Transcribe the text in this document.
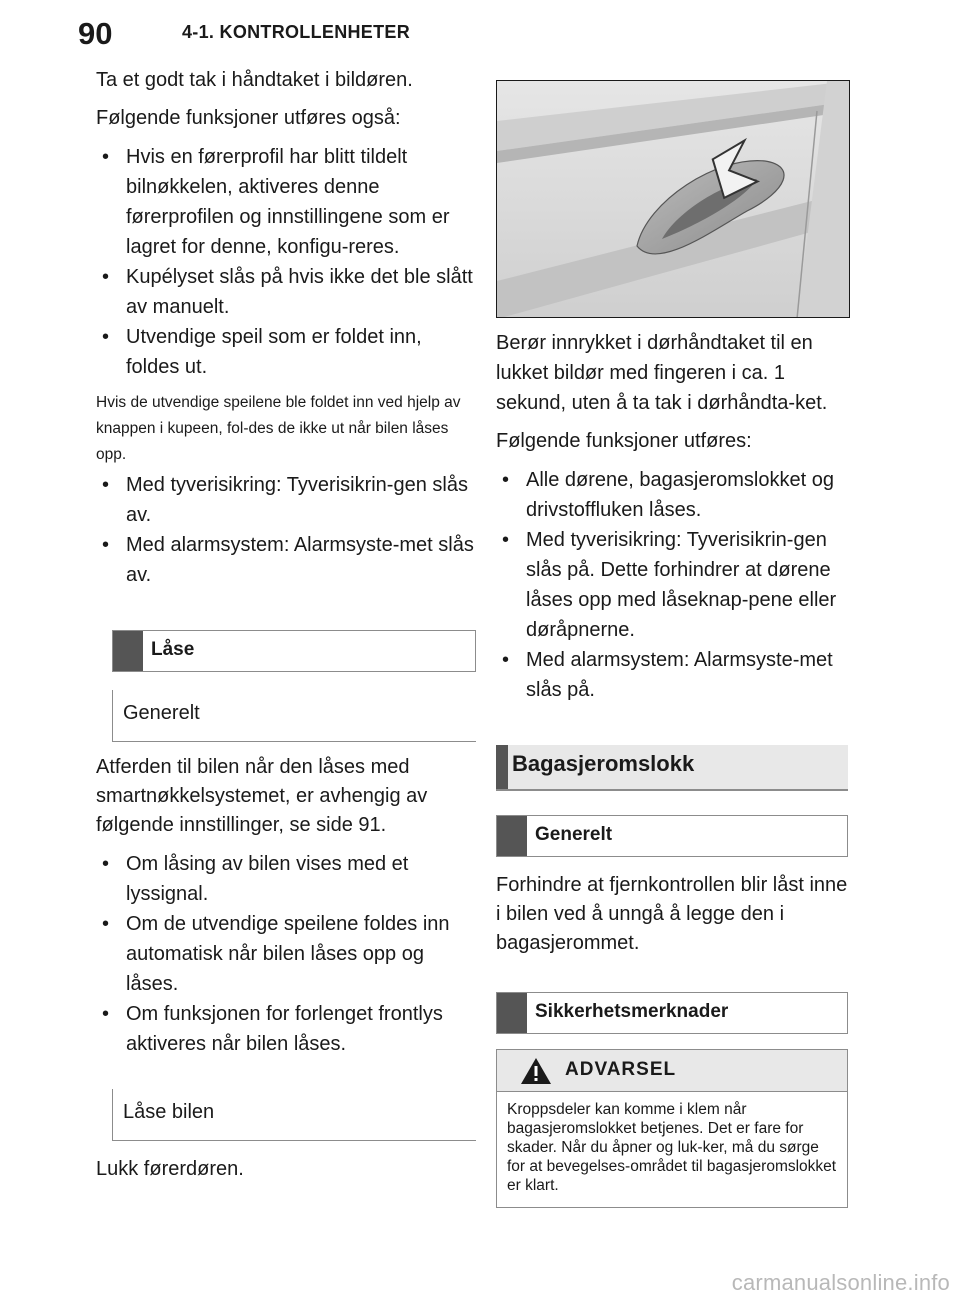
90	4-1. KONTROLLENHETER

Ta et godt tak i håndtaket i bildøren.

Følgende funksjoner utføres også:

• Hvis en førerprofil har blitt tildelt bilnøkkelen, aktiveres denne førerprofilen og innstillingene som er lagret for denne, konfigu-reres.
• Kupélyset slås på hvis ikke det ble slått av manuelt.
• Utvendige speil som er foldet inn, foldes ut.

Hvis de utvendige speilene ble foldet inn ved hjelp av knappen i kupeen, fol-des de ikke ut når bilen låses opp.

• Med tyverisikring: Tyverisikrin-gen slås av.
• Med alarmsystem: Alarmsyste-met slås av.
Låse
Generelt

Atferden til bilen når den låses med smartnøkkelsystemet, er avhengig av følgende innstillinger, se side 91.

• Om låsing av bilen vises med et lyssignal.
• Om de utvendige speilene foldes inn automatisk når bilen låses opp og låses.
• Om funksjonen for forlenget frontlys aktiveres når bilen låses.
Låse bilen

Lukk førerdøren.

Berør innrykket i dørhåndtaket til en lukket bildør med fingeren i ca. 1 sekund, uten å ta tak i dørhåndta-ket.

Følgende funksjoner utføres:

• Alle dørene, bagasjeromslokket og drivstoffluken låses.
• Med tyverisikring: Tyverisikrin-gen slås på. Dette forhindrer at dørene låses opp med låseknap-pene eller døråpnerne.
• Med alarmsystem: Alarmsyste-met slås på.
Bagasjeromslokk
Generelt

Forhindre at fjernkontrollen blir låst inne i bilen ved å unngå å legge den i bagasjerommet.

Sikkerhetsmerknader
ADVARSEL
Kroppsdeler kan komme i klem når bagasjeromslokket betjenes. Det er fare for skader. Når du åpner og luk-ker, må du sørge for at bevegelses-området til bagasjeromslokket er klart.
carmanualsonline.info
